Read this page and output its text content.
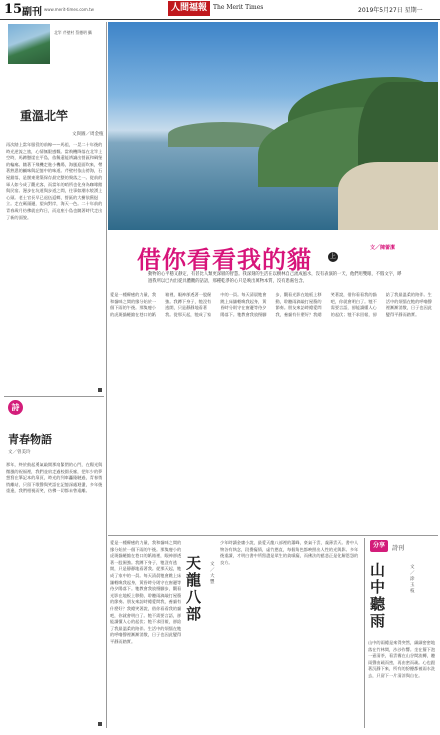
15 副刊 www.merit-times.com.tw	人間福報	The Merit Times	2019年5月27日 星期一
北竿 芹壁村 蔡德明 攝
重溫北竿
文與圖／周金植
再次踏上當年服役的前線——馬祖，一晃二十年後的時光逆流之旅，心情無限感慨。當飛機降落在北竿上空時，馬蹄懸崖在平島，依稀還能辨識出營區和碉堡的輪廓。隨著下飛機走進小機場，海風迎面吹來，帶著熟悉的鹹味與記憶中的味道。芹壁村依山傍海，石屋錯落，是閩東建築保存最完整的聚落之一。從前的軍人如今成了觀光客，而當年的哨所也化身為咖啡館與民宿。漫步在坑道與步道之間，往事如潮水般湧上心頭。老士官長早已退伍返鄉，營區的大樹依舊挺立。走在碼頭邊，望向對岸，海天一色。二十年前的青春歲月彷彿就在昨日，而這座小島也隨著時代走出了新的面貌。
詩
青春物語
文／曾美玲
那年，終於鼓起勇氣敲開那扇緊閉的心門，在陽光與微風的祝福裡，我們並肩走過校園長廊，把年少的夢想寫在筆記本的扉頁，時光的列車轟隆駛過，青春悄悄離站，只留下歌聲與笑語在記憶深處迴盪，多年後重逢，我們相視而笑，彷彿一切都未曾遠離。
借你看看我的貓	上
文／陳蕾潔
動物的心平穩又靜定，有甚比人類更深層的智慧。我深刻的生活在以樹林自己流成風水，沒有表演的一天，他們用雙眼、不假文字，睜過我所以已內出從具體觀的話語，那種乾淨的心只是映出萬物本質，沒有患處包含。
愛是一種療癒的力量，我和貓咪之間的緣分始於一個下雨的午後。那隻瘦小的虎斑貓蜷縮在巷口的紙箱裡，眼神卻透著一股倔強。我蹲下身子，牠沒有逃開，只是靜靜地看著我。從那天起，牠成了家中的一員。每天清晨牠會跳上床舖輕喚我起身，黃昏時分則守在窗邊等待夕陽落下。牠教會我放慢腳步，觀看光影在地板上移動，聆聽雨滴敲打屋簷的節奏。朋友來訪時總愛問我，養貓有什麼好？我總笑著說，借你看看我的貓吧，你就會明白了。牠不需要言語，卻能讀懂人心的起伏；牠不求回報，卻給了我最溫柔的陪伴。生活中的煩惱在牠的呼嚕聲裡漸漸消散，日子也因此變得平靜而踏實。
愛是一種療癒的力量，我和貓咪之間的緣分始於一個下雨的午後。那隻瘦小的虎斑貓蜷縮在巷口的紙箱裡，眼神卻透著一股倔強。我蹲下身子，牠沒有逃開，只是靜靜地看著我。從那天起，牠成了家中的一員。每天清晨牠會跳上床舖輕喚我起身，黃昏時分則守在窗邊等待夕陽落下。牠教會我放慢腳步，觀看光影在地板上移動，聆聽雨滴敲打屋簷的節奏。朋友來訪時總愛問我，養貓有什麼好？我總笑著說，借你看看我的貓吧，你就會明白了。牠不需要言語，卻能讀懂人心的起伏；牠不求回報，卻給了我最溫柔的陪伴。生活中的煩惱在牠的呼嚕聲裡漸漸消散，日子也因此變得平靜而踏實。
天龍八部
文／大豐
少年時讀金庸小說，最愛天龍八部裡的蕭峰，豪氣干雲，義薄雲天。書中人物各有執念，段譽癡情，虛竹憨直，每個角色都映照出人性的光與影。多年後重讀，才明白書中所寫盡是眾生的貪嗔癡，而佛法的慈悲正是化解恩怨的良方。
分享	詩刊
山中聽雨
文／涂玉枝
山中的雨總是來得突然，細細密密地落在竹林間，沙沙作響。坐在簷下泡一壺清茶，看雲霧在山谷間流轉，聽雨聲由疏而密，再由密而疏。心也跟著沉靜下來，所有的紛擾都被雨水洗去，只留下一片清涼與自在。
